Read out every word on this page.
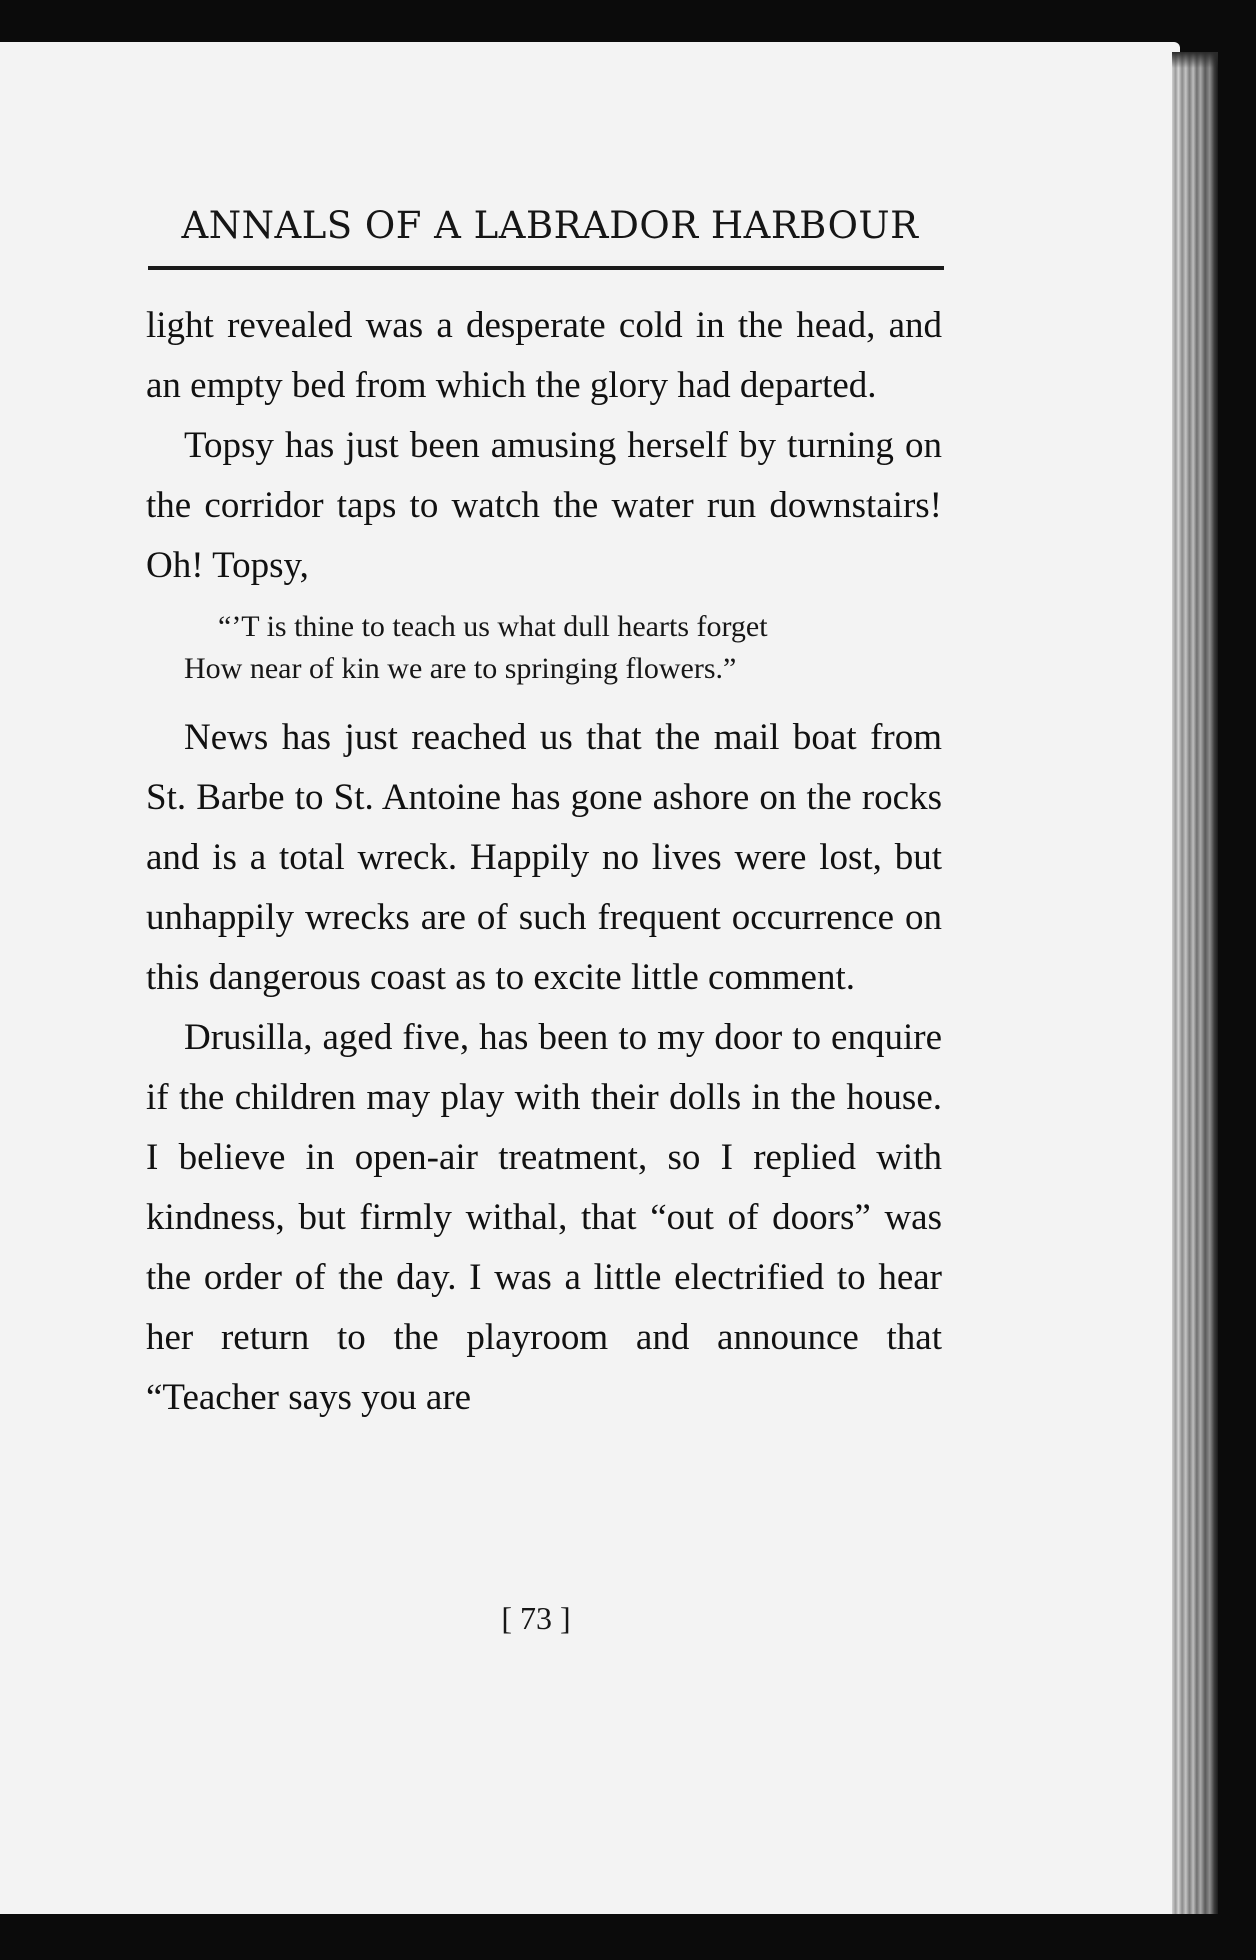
ANNALS OF A LABRADOR HARBOUR

light revealed was a desperate cold in the head, and an empty bed from which the glory had departed.

Topsy has just been amusing herself by turning on the corridor taps to watch the water run downstairs! Oh! Topsy,

“’T is thine to teach us what dull hearts forget
How near of kin we are to springing flowers.”

News has just reached us that the mail boat from St. Barbe to St. Antoine has gone ashore on the rocks and is a total wreck. Happily no lives were lost, but unhappily wrecks are of such frequent occurrence on this dangerous coast as to excite little comment.

Drusilla, aged five, has been to my door to enquire if the children may play with their dolls in the house. I believe in open-air treatment, so I replied with kindness, but firmly withal, that “out of doors” was the order of the day. I was a little electrified to hear her return to the playroom and announce that “Teacher says you are

[ 73 ]
